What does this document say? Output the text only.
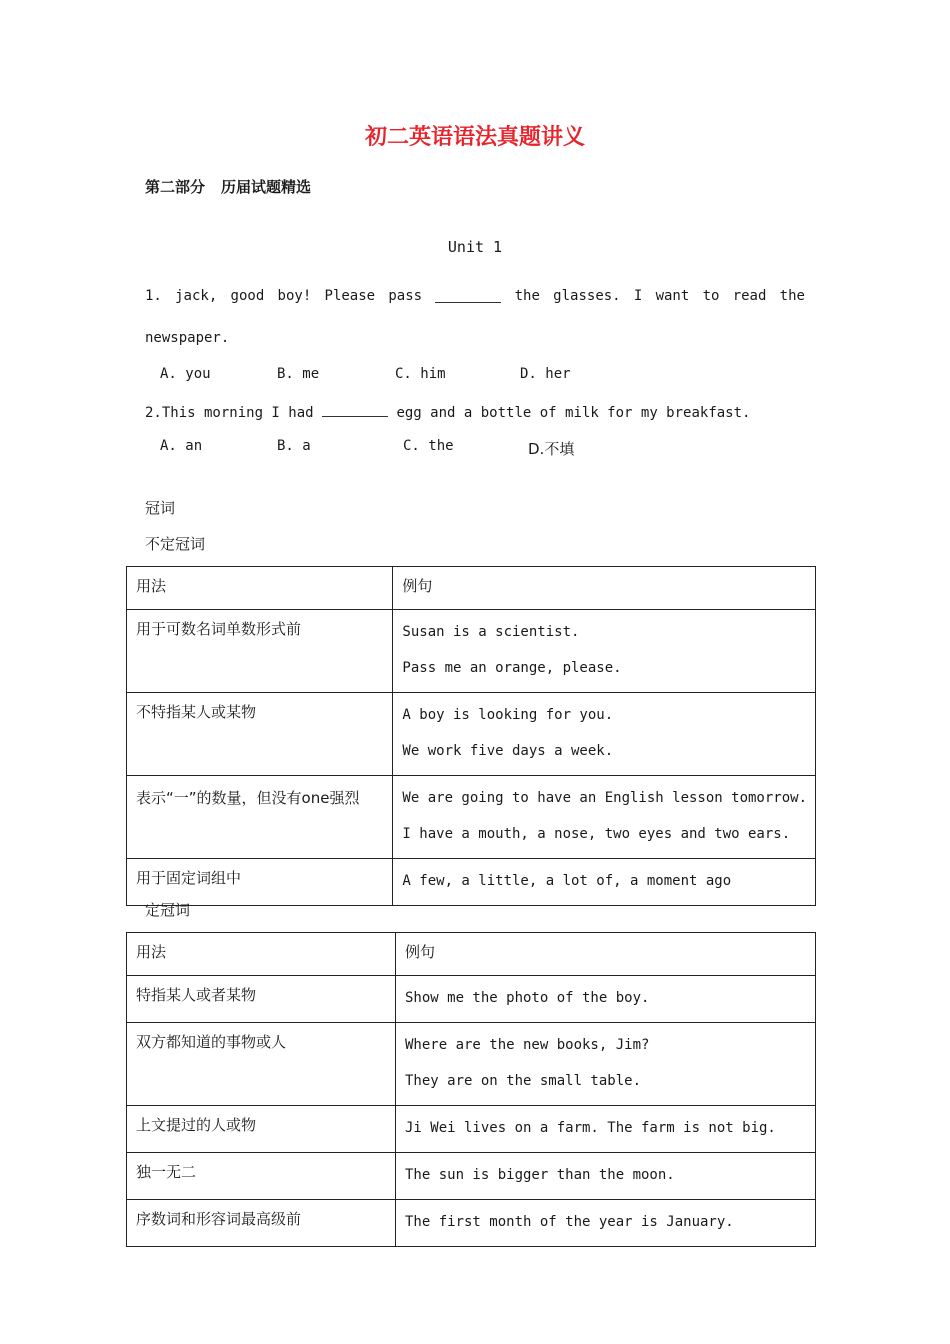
初二英语语法真题讲义
第二部分 历届试题精选
Unit 1
1. jack, good boy! Please pass	the glasses. I want to read the
newspaper.
A. you	B. me	C. him	D. her
2.This morning I had	egg and a bottle of milk for my breakfast.
A. an	B. a	C. the	D.不填
冠词
不定冠词
用法	例句
用于可数名词单数形式前	Susan is a scientist.
Pass me an orange, please.

不特指某人或某物	A boy is looking for you.
We work five days a week.

表示“一”的数量，但没有one强烈	We are going to have an English lesson tomorrow.
I have a mouth, a nose, two eyes and two ears.

用于固定词组中	A few, a little, a lot of, a moment ago
定冠词
用法	例句
特指某人或者某物	Show me the photo of the boy.

双方都知道的事物或人	Where are the new books, Jim?
They are on the small table.

上文提过的人或物	Ji Wei lives on a farm. The farm is not big.

独一无二	The sun is bigger than the moon.

序数词和形容词最高级前	The first month of the year is January.
